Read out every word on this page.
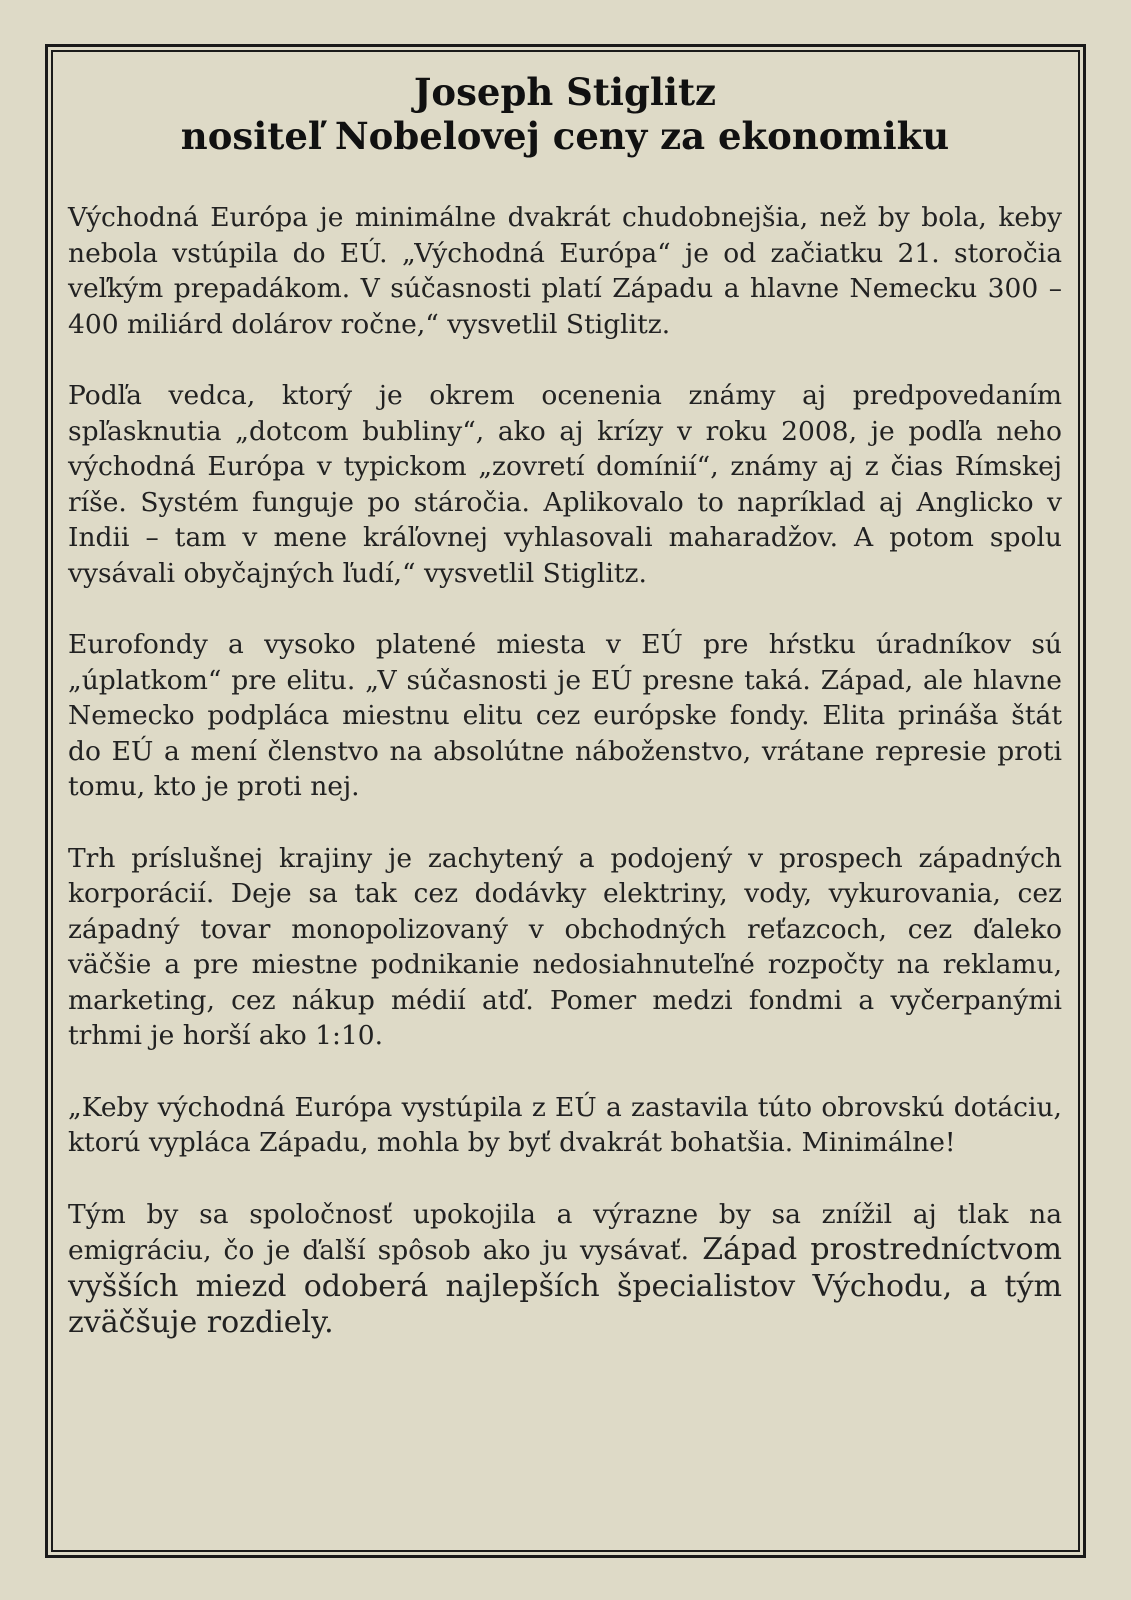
Joseph Stiglitz
nositeľ Nobelovej ceny za ekonomiku

Východná Európa je minimálne dvakrát chudobnejšia, než by bola, keby nebola vstúpila do EÚ. „Východná Európa“ je od začiatku 21. storočia veľkým prepadákom. V súčasnosti platí Západu a hlavne Nemecku 300 – 400 miliárd dolárov ročne,“ vysvetlil Stiglitz.

Podľa vedca, ktorý je okrem ocenenia známy aj predpovedaním spľasknutia „dotcom bubliny“, ako aj krízy v roku 2008, je podľa neho východná Európa v typickom „zovretí domínií“, známy aj z čias Rímskej ríše. Systém funguje po stáročia. Aplikovalo to napríklad aj Anglicko v Indii – tam v mene kráľovnej vyhlasovali maharadžov. A potom spolu vysávali obyčajných ľudí,“ vysvetlil Stiglitz.

Eurofondy a vysoko platené miesta v EÚ pre hŕstku úradníkov sú „úplatkom“ pre elitu. „V súčasnosti je EÚ presne taká. Západ, ale hlavne Nemecko podpláca miestnu elitu cez európske fondy. Elita prináša štát do EÚ a mení členstvo na absolútne náboženstvo, vrátane represie proti tomu, kto je proti nej.

Trh príslušnej krajiny je zachytený a podojený v prospech západných korporácií. Deje sa tak cez dodávky elektriny, vody, vykurovania, cez západný tovar monopolizovaný v obchodných reťazcoch, cez ďaleko väčšie a pre miestne podnikanie nedosiahnuteľné rozpočty na reklamu, marketing, cez nákup médií atď. Pomer medzi fondmi a vyčerpanými trhmi je horší ako 1:10.

„Keby východná Európa vystúpila z EÚ a zastavila túto obrovskú dotáciu, ktorú vypláca Západu, mohla by byť dvakrát bohatšia. Minimálne!

Tým by sa spoločnosť upokojila a výrazne by sa znížil aj tlak na emigráciu, čo je ďalší spôsob ako ju vysávať. Západ prostredníctvom vyšších miezd odoberá najlepších špecialistov Východu, a tým zväčšuje rozdiely.
